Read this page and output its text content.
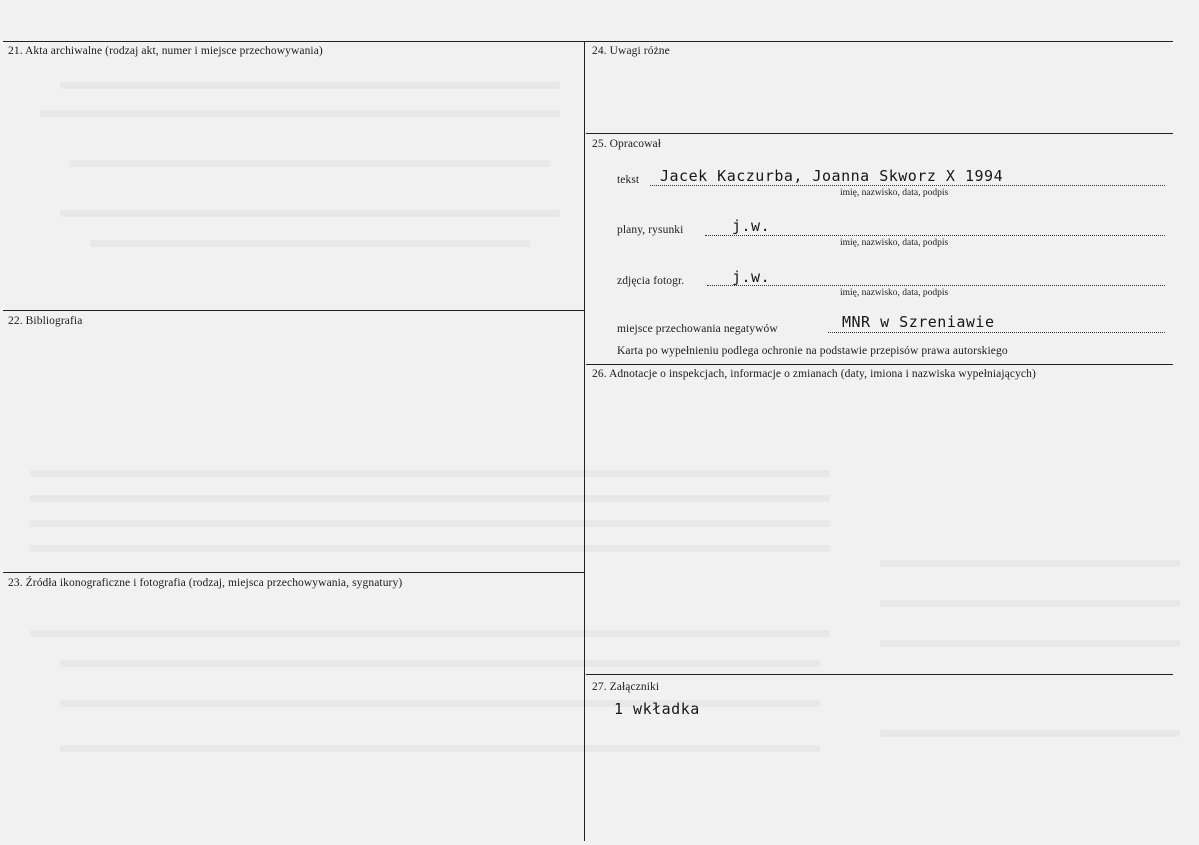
21. Akta archiwalne (rodzaj akt, numer i miejsce przechowywania)
22. Bibliografia
23. Źródła ikonograficzne i fotografia (rodzaj, miejsca przechowywania, sygnatury)
24. Uwagi różne
25. Opracował
tekst Jacek Kaczurba, Joanna Skworz X 1994
imię, nazwisko, data, podpis
plany, rysunki	j.w.
imię, nazwisko, data, podpis
zdjęcia fotogr.	j.w.
imię, nazwisko, data, podpis
miejsce przechowania negatywów	MNR w Szreniawie
Karta po wypełnieniu podlega ochronie na podstawie przepisów prawa autorskiego
26. Adnotacje o inspekcjach, informacje o zmianach (daty, imiona i nazwiska wypełniających)
27. Załączniki
1 wkładka
